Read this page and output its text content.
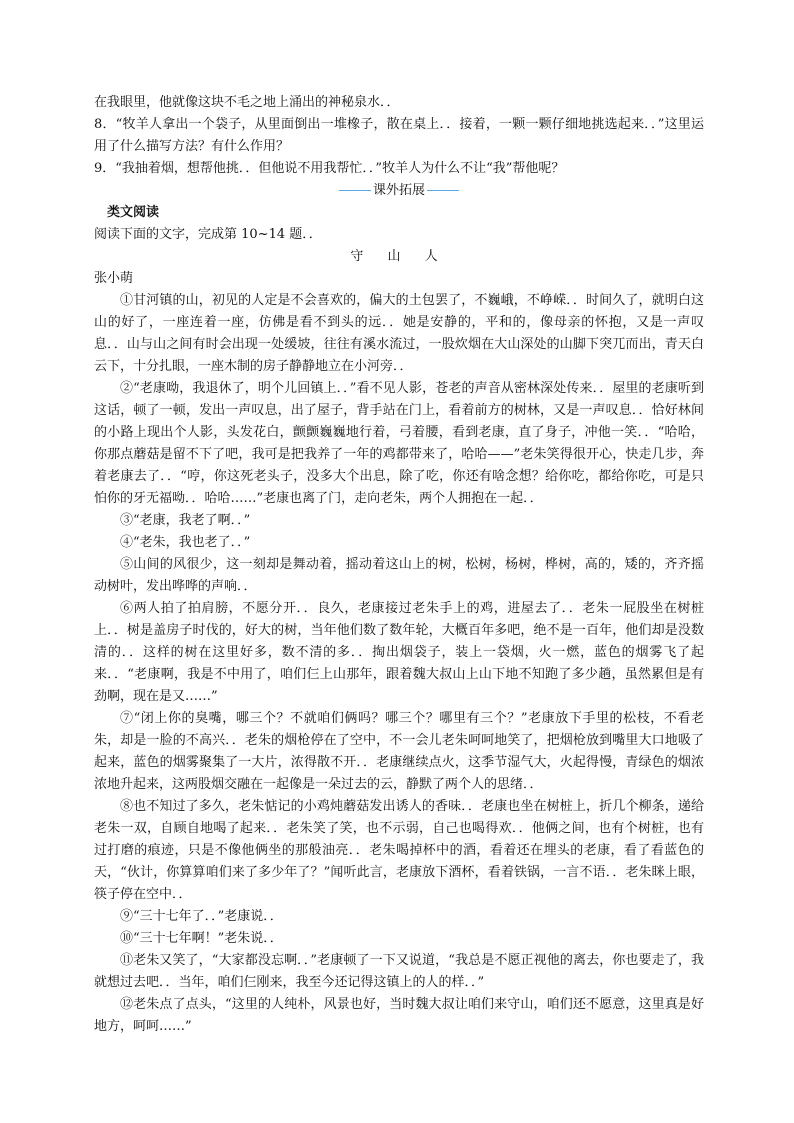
在我眼里，他就像这块不毛之地上涌出的神秘泉水．．

8．“牧羊人拿出一个袋子，从里面倒出一堆橡子，散在桌上．．接着，一颗一颗仔细地挑选起来．．”这里运用了什么描写方法？有什么作用？

9．“我抽着烟，想帮他挑．．但他说不用我帮忙．．”牧羊人为什么不让“我”帮他呢？

课外拓展

类文阅读

阅读下面的文字，完成第 10~14 题．．

守 山 人

张小萌

①甘河镇的山，初见的人定是不会喜欢的，偏大的土包罢了，不巍峨，不峥嵘．．时间久了，就明白这山的好了，一座连着一座，仿佛是看不到头的远．．她是安静的，平和的，像母亲的怀抱，又是一声叹息．．山与山之间有时会出现一处缓坡，往往有溪水流过，一股炊烟在大山深处的山脚下突兀而出，青天白云下，十分扎眼，一座木制的房子静静地立在小河旁．．

②“老康呦，我退休了，明个儿回镇上．．”看不见人影，苍老的声音从密林深处传来．．屋里的老康听到这话，顿了一顿，发出一声叹息，出了屋子，背手站在门上，看着前方的树林，又是一声叹息．．恰好林间的小路上现出个人影，头发花白，颤颤巍巍地行着，弓着腰，看到老康，直了身子，冲他一笑．．“哈哈，你那点蘑菇是留不下了吧，我可是把我养了一年的鸡都带来了，哈哈——”老朱笑得很开心，快走几步，奔着老康去了．．“哼，你这死老头子，没多大个出息，除了吃，你还有啥念想？给你吃，都给你吃，可是只怕你的牙无福呦．．哈哈……”老康也离了门，走向老朱，两个人拥抱在一起．．

③“老康，我老了啊．．”

④“老朱，我也老了．．”

⑤山间的风很少，这一刻却是舞动着，摇动着这山上的树，松树，杨树，桦树，高的，矮的，齐齐摇动树叶，发出哗哗的声响．．

⑥两人拍了拍肩膀，不愿分开．．良久，老康接过老朱手上的鸡，进屋去了．．老朱一屁股坐在树桩上．．树是盖房子时伐的，好大的树，当年他们数了数年轮，大概百年多吧，绝不是一百年，他们却是没数清的．．这样的树在这里好多，数不清的多．．掏出烟袋子，装上一袋烟，火一燃，蓝色的烟雾飞了起来．．“老康啊，我是不中用了，咱们仨上山那年，跟着魏大叔山上山下地不知跑了多少趟，虽然累但是有劲啊，现在是又……”

⑦“闭上你的臭嘴，哪三个？不就咱们俩吗？哪三个？哪里有三个？”老康放下手里的松枝，不看老朱，却是一脸的不高兴．．老朱的烟枪停在了空中，不一会儿老朱呵呵地笑了，把烟枪放到嘴里大口地吸了起来，蓝色的烟雾聚集了一大片，浓得散不开．．老康继续点火，这季节湿气大，火起得慢，青绿色的烟浓浓地升起来，这两股烟交融在一起像是一朵过去的云，静默了两个人的思绪．．

⑧也不知过了多久，老朱惦记的小鸡炖蘑菇发出诱人的香味．．老康也坐在树桩上，折几个柳条，递给老朱一双，自顾自地喝了起来．．老朱笑了笑，也不示弱，自己也喝得欢．．他俩之间，也有个树桩，也有过打磨的痕迹，只是不像他俩坐的那般油亮．．老朱喝掉杯中的酒，看着还在埋头的老康，看了看蓝色的天，“伙计，你算算咱们来了多少年了？”闻听此言，老康放下酒杯，看着铁锅，一言不语．．老朱眯上眼，筷子停在空中．．

⑨“三十七年了．．”老康说．．

⑩“三十七年啊！”老朱说．．

⑪老朱又笑了，“大家都没忘啊．．”老康顿了一下又说道，“我总是不愿正视他的离去，你也要走了，我就想过去吧．．当年，咱们仨刚来，我至今还记得这镇上的人的样．．”

⑫老朱点了点头，“这里的人纯朴，风景也好，当时魏大叔让咱们来守山，咱们还不愿意，这里真是好地方，呵呵……”
